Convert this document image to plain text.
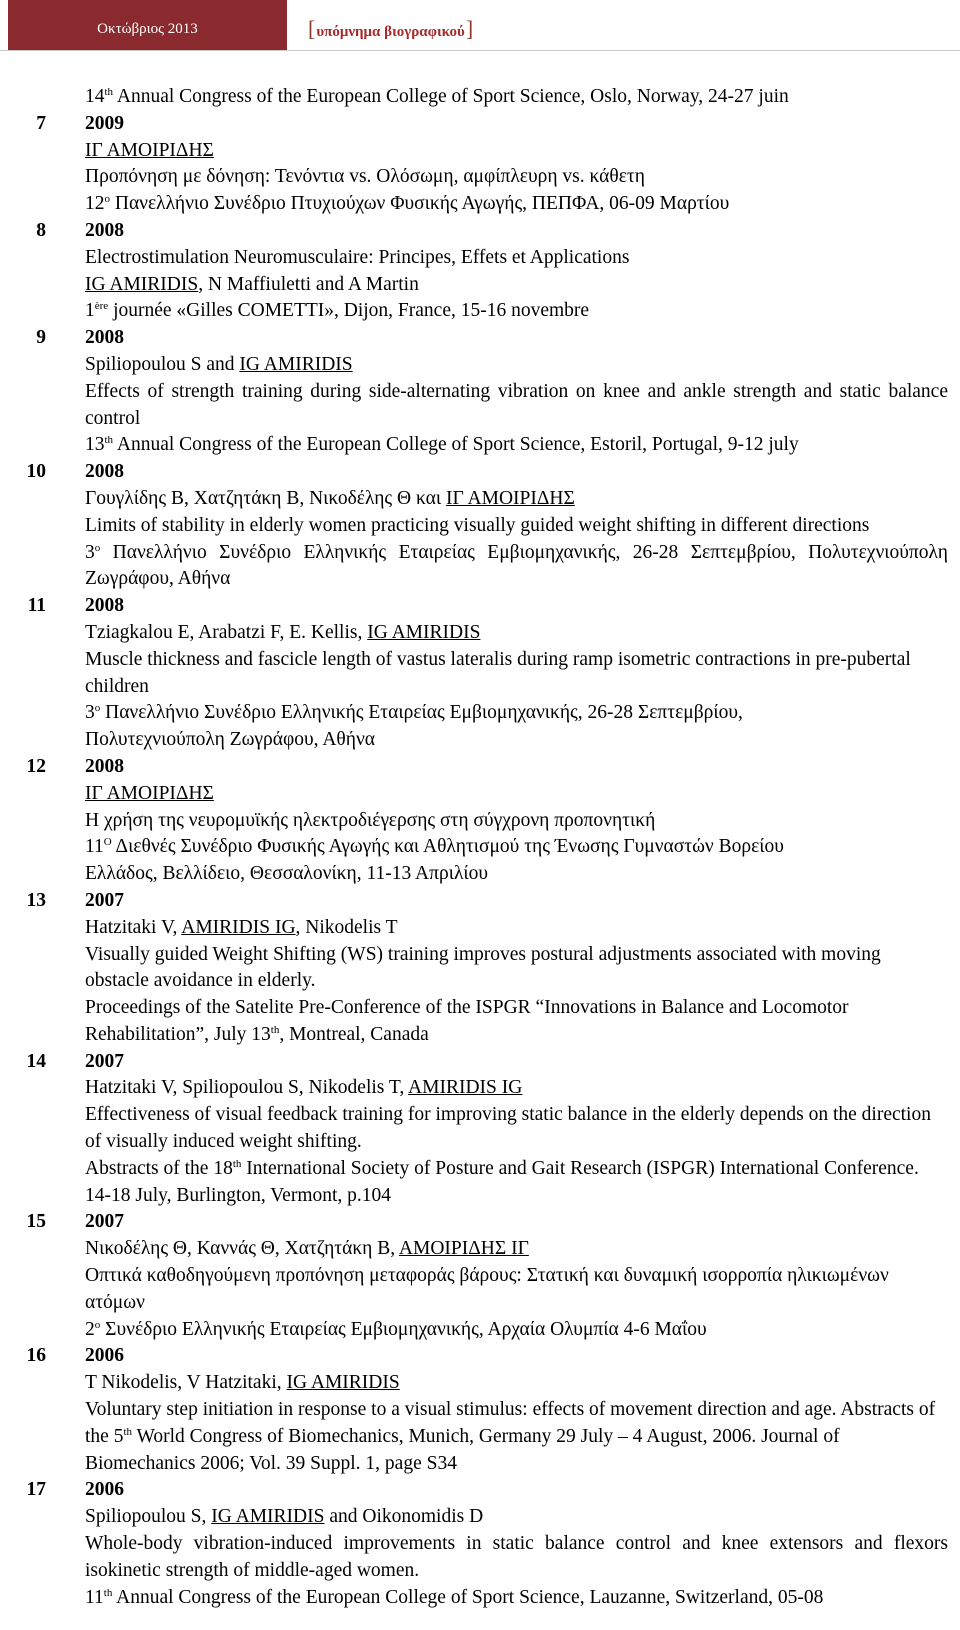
Οκτώβριος 2013	[υπόμνημα βιογραφικού]
14th Annual Congress of the European College of Sport Science, Oslo, Norway, 24-27 juin
7 2009
ΙΓ ΑΜΟΙΡΙΔΗΣ
Προπόνηση με δόνηση: Τενόντια vs. Ολόσωμη, αμφίπλευρη vs. κάθετη
$12^o$ Πανελλήνιο Συνέδριο Πτυχιούχων Φυσικής Αγωγής, ΠΕΠΦΑ, 06-09 Μαρτίου
8 2008
Electrostimulation Neuromusculaire: Principes, Effets et Applications
IG AMIRIDIS, N Maffiuletti and A Martin
1ère journée «Gilles COMETTI», Dijon, France, 15-16 novembre
9 2008
Spiliopoulou S and IG AMIRIDIS
Effects of strength training during side-alternating vibration on knee and ankle strength and static balance control
13th Annual Congress of the European College of Sport Science, Estoril, Portugal, 9-12 july
10 2008
Γουγλίδης Β, Χατζητάκη Β, Νικοδέλης Θ και ΙΓ ΑΜΟΙΡΙΔΗΣ
Limits of stability in elderly women practicing visually guided weight shifting in different directions
$3^o$ Πανελλήνιο Συνέδριο Ελληνικής Εταιρείας Εμβιομηχανικής, 26-28 Σεπτεμβρίου, Πολυτεχνιούπολη Ζωγράφου, Αθήνα
11 2008
Tziagkalou E, Arabatzi F, E. Kellis, IG AMIRIDIS
Muscle thickness and fascicle length of vastus lateralis during ramp isometric contractions in pre-pubertal children
$3^o$ Πανελλήνιο Συνέδριο Ελληνικής Εταιρείας Εμβιομηχανικής, 26-28 Σεπτεμβρίου,
Πολυτεχνιούπολη Ζωγράφου, Αθήνα
12 2008
ΙΓ ΑΜΟΙΡΙΔΗΣ
Η χρήση της νευρομυϊκής ηλεκτροδιέγερσης στη σύγχρονη προπονητική
$11^O$ Διεθνές Συνέδριο Φυσικής Αγωγής και Αθλητισμού της Ένωσης Γυμναστών Βορείου
Ελλάδος, Βελλίδειο, Θεσσαλονίκη, 11-13 Απριλίου
13 2007
Hatzitaki V, AMIRIDIS IG, Nikodelis T
Visually guided Weight Shifting (WS) training improves postural adjustments associated with moving obstacle avoidance in elderly.
Proceedings of the Satelite Pre-Conference of the ISPGR “Innovations in Balance and Locomotor Rehabilitation”, July 13th, Montreal, Canada
14 2007
Hatzitaki V, Spiliopoulou S, Nikodelis T, AMIRIDIS IG
Effectiveness of visual feedback training for improving static balance in the elderly depends on the direction of visually induced weight shifting.
Abstracts of the 18th International Society of Posture and Gait Research (ISPGR) International Conference. 14-18 July, Burlington, Vermont, p.104
15 2007
Νικοδέλης Θ, Καννάς Θ, Χατζητάκη Β, ΑΜΟΙΡΙΔΗΣ ΙΓ
Οπτικά καθοδηγούμενη προπόνηση μεταφοράς βάρους: Στατική και δυναμική ισορροπία ηλικιωμένων ατόμων
$2^o$ Συνέδριο Ελληνικής Εταιρείας Εμβιομηχανικής, Αρχαία Ολυμπία 4-6 Μαΐου
16 2006
T Nikodelis, V Hatzitaki, IG AMIRIDIS
Voluntary step initiation in response to a visual stimulus: effects of movement direction and age. Abstracts of the 5th World Congress of Biomechanics, Munich, Germany 29 July – 4 August, 2006. Journal of Biomechanics 2006; Vol. 39 Suppl. 1, page S34
17 2006
Spiliopoulou S, IG AMIRIDIS and Oikonomidis D
Whole-body vibration-induced improvements in static balance control and knee extensors and flexors isokinetic strength of middle-aged women.
11th Annual Congress of the European College of Sport Science, Lauzanne, Switzerland, 05-08
